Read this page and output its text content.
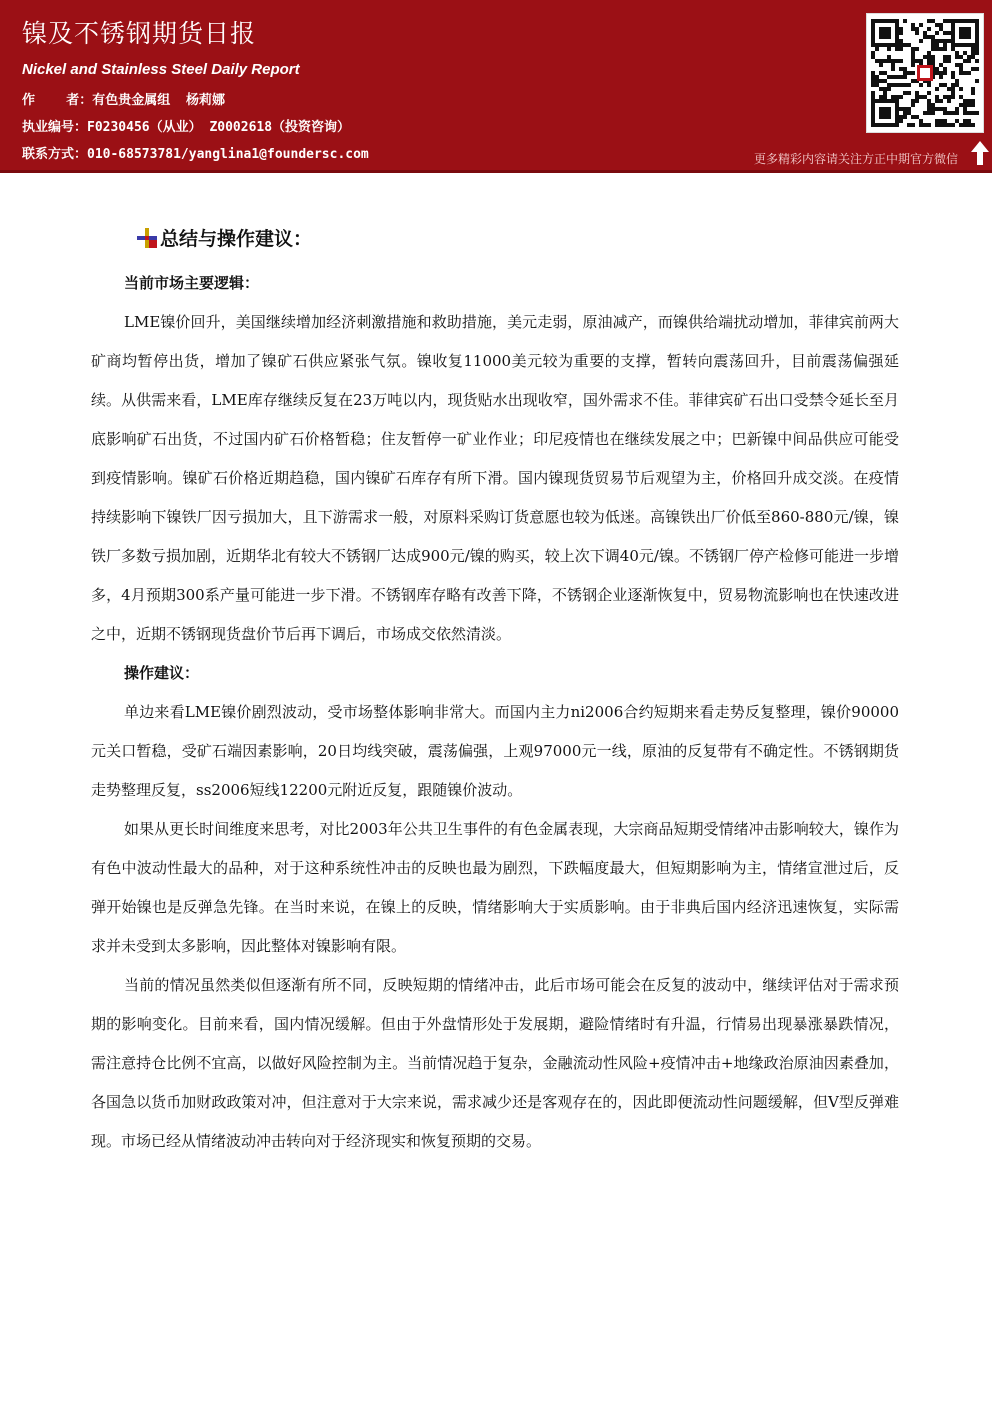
镍及不锈钢期货日报
Nickel and Stainless Steel Daily Report
作    者：有色贵金属组  杨莉娜
执业编号：F0230456（从业） Z0002618（投资咨询）
联系方式：010-68573781/yanglina1@foundersc.com	更多精彩内容请关注方正中期官方微信
总结与操作建议：
当前市场主要逻辑：

LME镍价回升，美国继续增加经济刺激措施和救助措施，美元走弱，原油减产，而镍供给端扰动增加，菲律宾前两大矿商均暂停出货，增加了镍矿石供应紧张气氛。镍收复11000美元较为重要的支撑，暂转向震荡回升，目前震荡偏强延续。从供需来看，LME库存继续反复在23万吨以内，现货贴水出现收窄，国外需求不佳。菲律宾矿石出口受禁令延长至月底影响矿石出货，不过国内矿石价格暂稳；住友暂停一矿业作业；印尼疫情也在继续发展之中；巴新镍中间品供应可能受到疫情影响。镍矿石价格近期趋稳，国内镍矿石库存有所下滑。国内镍现货贸易节后观望为主，价格回升成交淡。在疫情持续影响下镍铁厂因亏损加大，且下游需求一般，对原料采购订货意愿也较为低迷。高镍铁出厂价低至860-880元/镍，镍铁厂多数亏损加剧，近期华北有较大不锈钢厂达成900元/镍的购买，较上次下调40元/镍。不锈钢厂停产检修可能进一步增多，4月预期300系产量可能进一步下滑。不锈钢库存略有改善下降，不锈钢企业逐渐恢复中，贸易物流影响也在快速改进之中，近期不锈钢现货盘价节后再下调后，市场成交依然清淡。

操作建议：

单边来看LME镍价剧烈波动，受市场整体影响非常大。而国内主力ni2006合约短期来看走势反复整理，镍价90000元关口暂稳，受矿石端因素影响，20日均线突破，震荡偏强，上观97000元一线，原油的反复带有不确定性。不锈钢期货走势整理反复，ss2006短线12200元附近反复，跟随镍价波动。

如果从更长时间维度来思考，对比2003年公共卫生事件的有色金属表现，大宗商品短期受情绪冲击影响较大，镍作为有色中波动性最大的品种，对于这种系统性冲击的反映也最为剧烈，下跌幅度最大，但短期影响为主，情绪宣泄过后，反弹开始镍也是反弹急先锋。在当时来说，在镍上的反映，情绪影响大于实质影响。由于非典后国内经济迅速恢复，实际需求并未受到太多影响，因此整体对镍影响有限。

当前的情况虽然类似但逐渐有所不同，反映短期的情绪冲击，此后市场可能会在反复的波动中，继续评估对于需求预期的影响变化。目前来看，国内情况缓解。但由于外盘情形处于发展期，避险情绪时有升温，行情易出现暴涨暴跌情况，需注意持仓比例不宜高，以做好风险控制为主。当前情况趋于复杂，金融流动性风险+疫情冲击+地缘政治原油因素叠加，各国急以货币加财政政策对冲，但注意对于大宗来说，需求减少还是客观存在的，因此即便流动性问题缓解，但V型反弹难现。市场已经从情绪波动冲击转向对于经济现实和恢复预期的交易。
